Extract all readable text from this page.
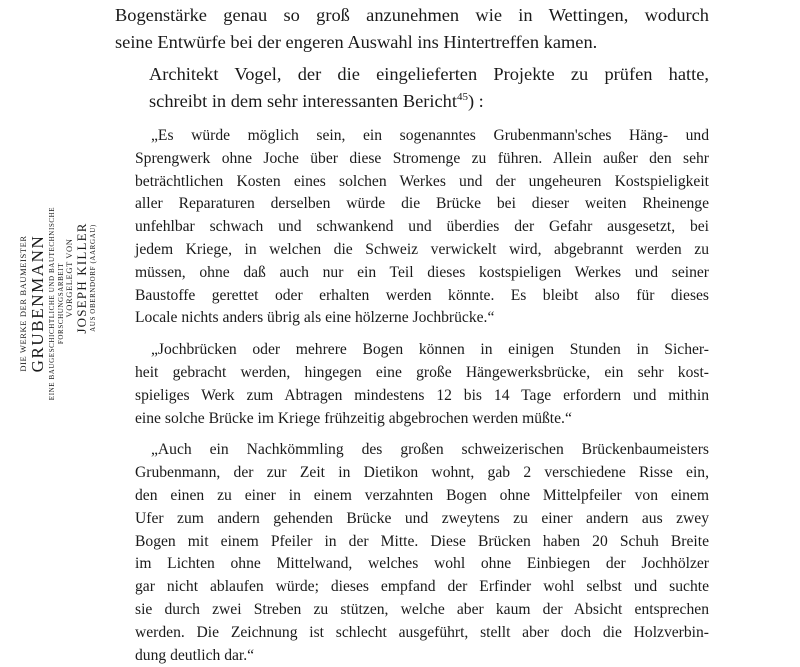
DIE WERKE DER BAUMEISTER GRUBENMANN EINE BAUGESCHICHTLICHE UND BAUTECHNISCHE FORSCHUNGSARBEIT VORGELEGT VON JOSEPH KILLER AUS OBERNDORF (AARGAU)

Bogenstärke genau so groß anzunehmen wie in Wettingen, wodurch
seine Entwürfe bei der engeren Auswahl ins Hintertreffen kamen.

Architekt Vogel, der die eingelieferten Projekte zu prüfen hatte,
schreibt in dem sehr interessanten Bericht$^{45}$) :

„Es würde möglich sein, ein sogenanntes Grubenmann'sches Häng- und
Sprengwerk ohne Joche über diese Stromenge zu führen. Allein außer den sehr
beträchtlichen Kosten eines solchen Werkes und der ungeheuren Kostspieligkeit
aller Reparaturen derselben würde die Brücke bei dieser weiten Rheinenge
unfehlbar schwach und schwankend und überdies der Gefahr ausgesetzt, bei
jedem Kriege, in welchen die Schweiz verwickelt wird, abgebrannt werden zu
müssen, ohne daß auch nur ein Teil dieses kostspieligen Werkes und seiner
Baustoffe gerettet oder erhalten werden könnte. Es bleibt also für dieses
Locale nichts anders übrig als eine hölzerne Jochbrücke.“
„Jochbrücken oder mehrere Bogen können in einigen Stunden in Sicher-
heit gebracht werden, hingegen eine große Hängewerksbrücke, ein sehr kost-
spieliges Werk zum Abtragen mindestens 12 bis 14 Tage erfordern und mithin
eine solche Brücke im Kriege frühzeitig abgebrochen werden müßte.“
„Auch ein Nachkömmling des großen schweizerischen Brückenbaumeisters
Grubenmann, der zur Zeit in Dietikon wohnt, gab 2 verschiedene Risse ein,
den einen zu einer in einem verzahnten Bogen ohne Mittelpfeiler von einem
Ufer zum andern gehenden Brücke und zweytens zu einer andern aus zwey
Bogen mit einem Pfeiler in der Mitte. Diese Brücken haben 20 Schuh Breite
im Lichten ohne Mittelwand, welches wohl ohne Einbiegen der Jochhölzer
gar nicht ablaufen würde; dieses empfand der Erfinder wohl selbst und suchte
sie durch zwei Streben zu stützen, welche aber kaum der Absicht entsprechen
werden. Die Zeichnung ist schlecht ausgeführt, stellt aber doch die Holzverbin-
dung deutlich dar.“
